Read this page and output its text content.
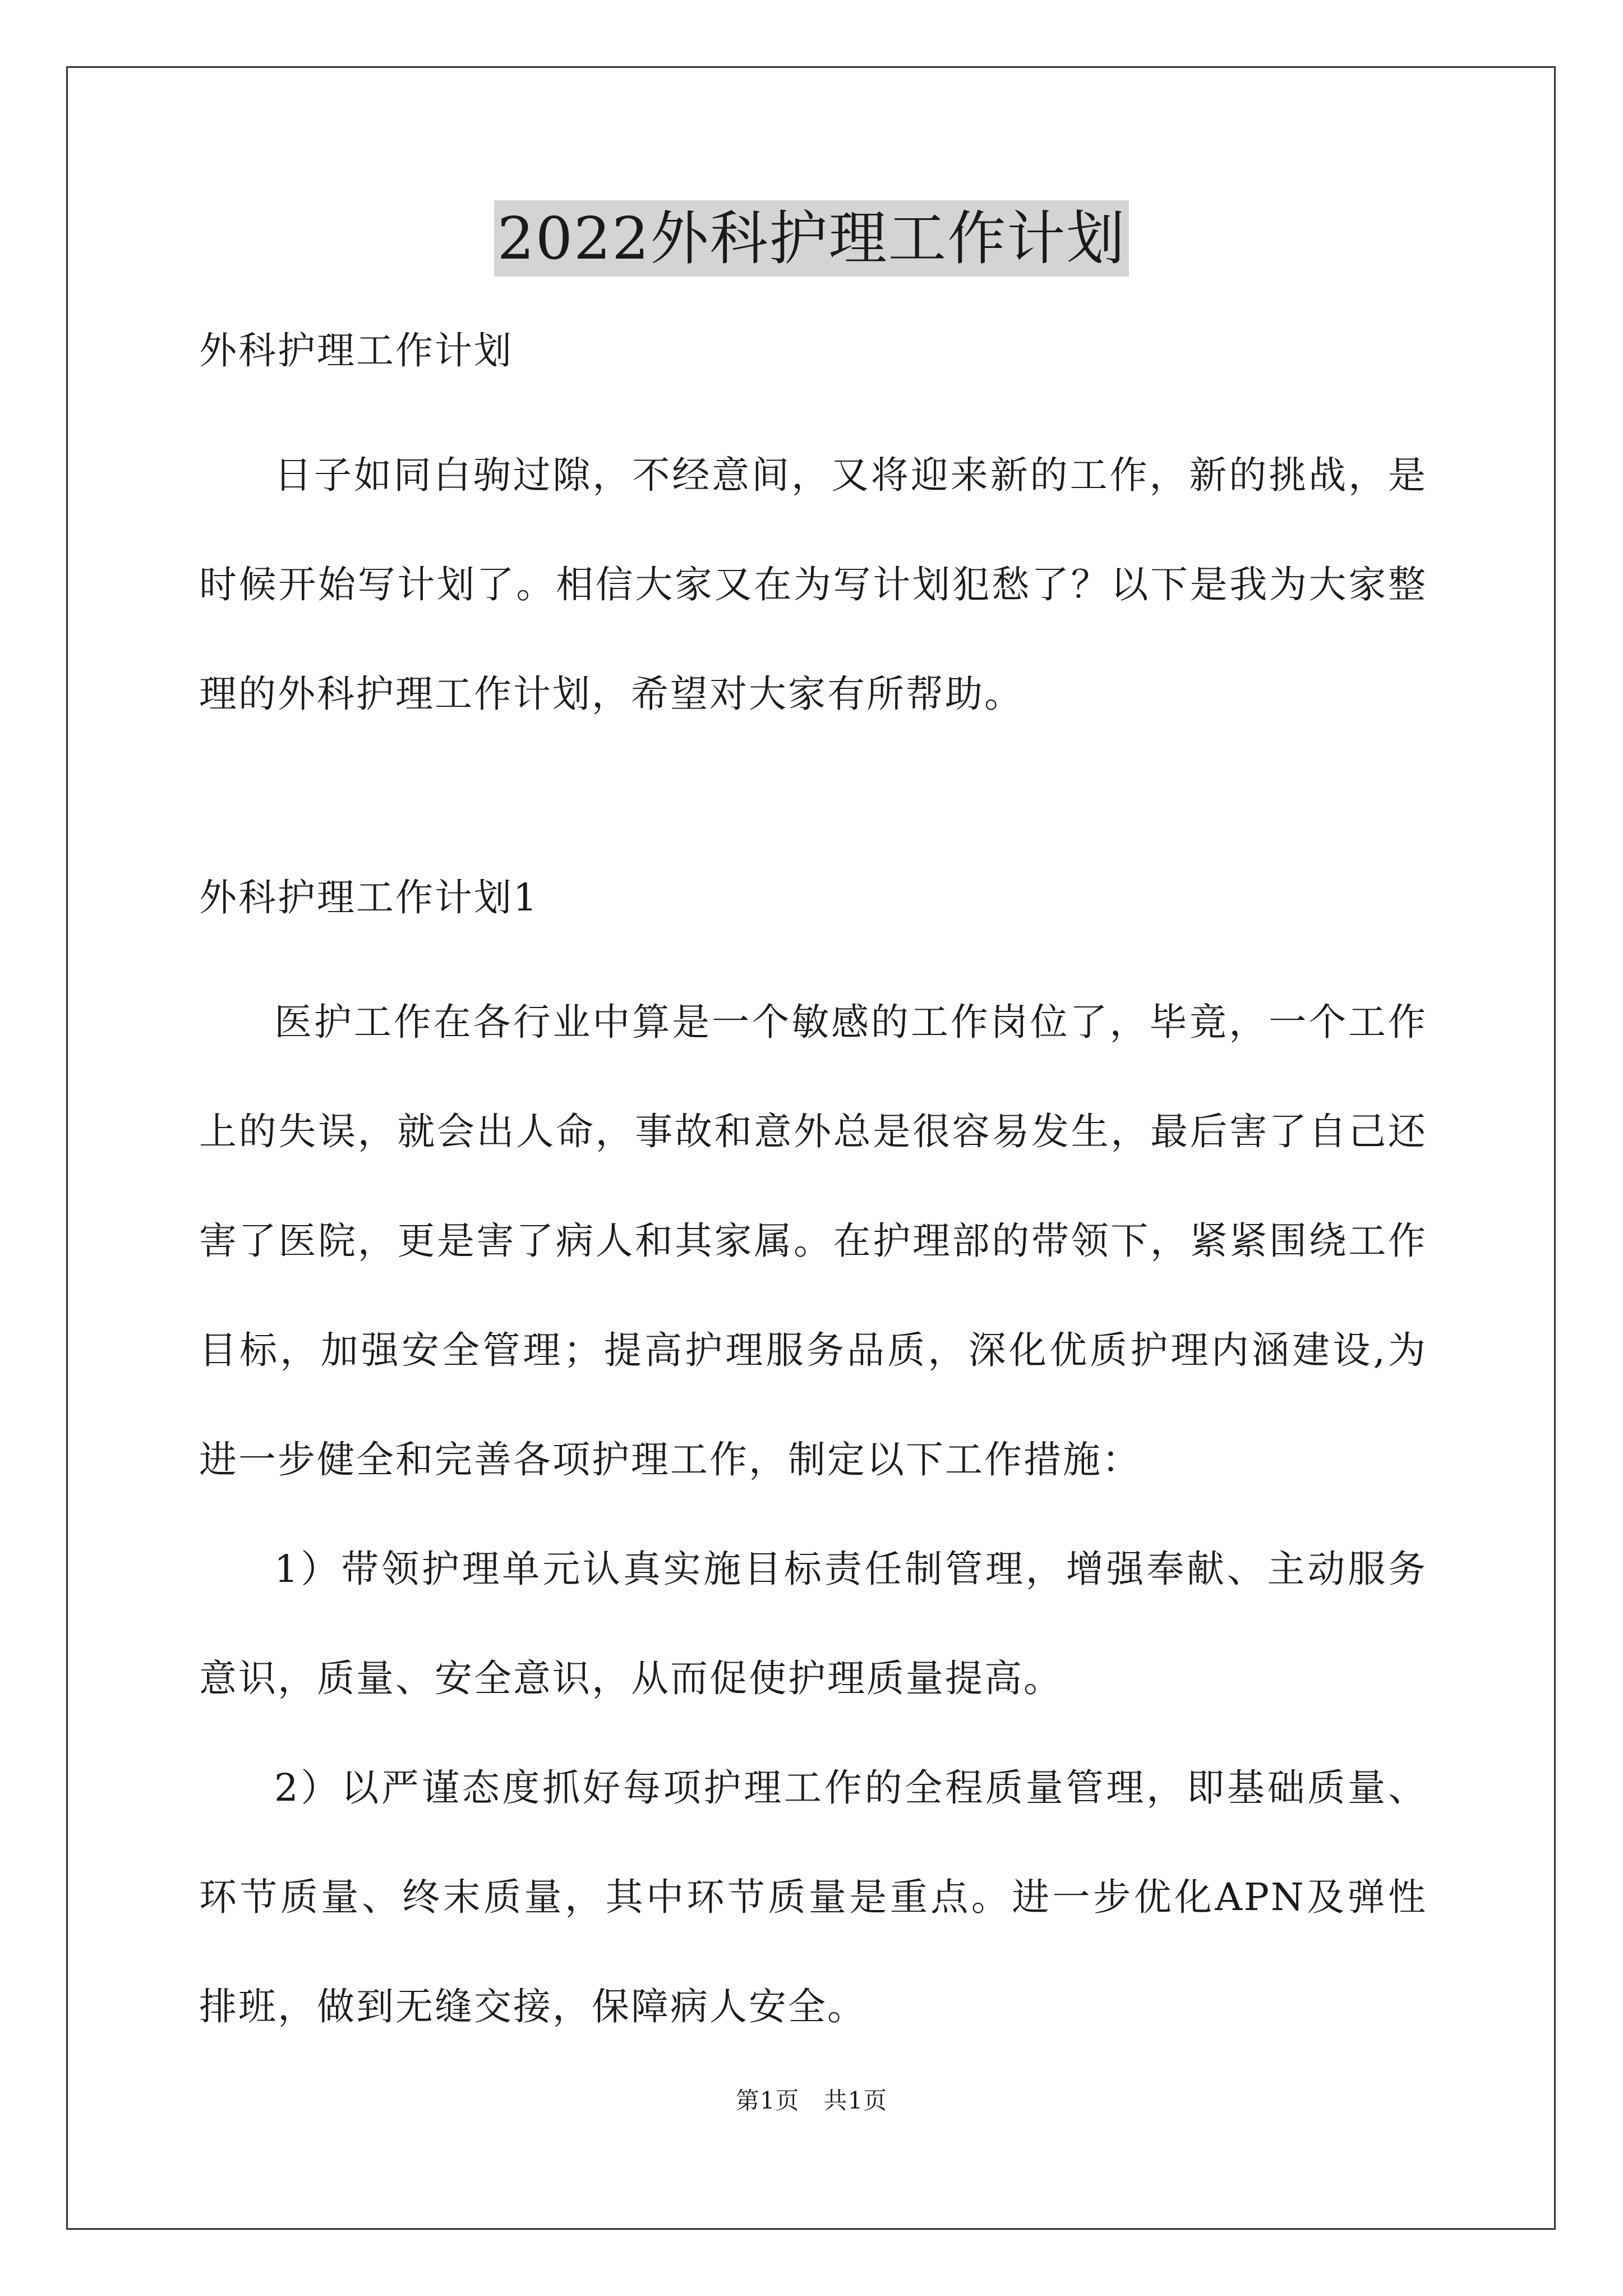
2022外科护理工作计划
外科护理工作计划

日子如同白驹过隙，不经意间，又将迎来新的工作，新的挑战，是时候开始写计划了。相信大家又在为写计划犯愁了？以下是我为大家整理的外科护理工作计划，希望对大家有所帮助。

外科护理工作计划1

医护工作在各行业中算是一个敏感的工作岗位了，毕竟，一个工作上的失误，就会出人命，事故和意外总是很容易发生，最后害了自己还害了医院，更是害了病人和其家属。在护理部的带领下，紧紧围绕工作目标，加强安全管理；提高护理服务品质，深化优质护理内涵建设,为进一步健全和完善各项护理工作，制定以下工作措施：

1）带领护理单元认真实施目标责任制管理，增强奉献、主动服务意识，质量、安全意识，从而促使护理质量提高。

2）以严谨态度抓好每项护理工作的全程质量管理，即基础质量、环节质量、终末质量，其中环节质量是重点。进一步优化APN及弹性排班，做到无缝交接，保障病人安全。

第1页　共1页
